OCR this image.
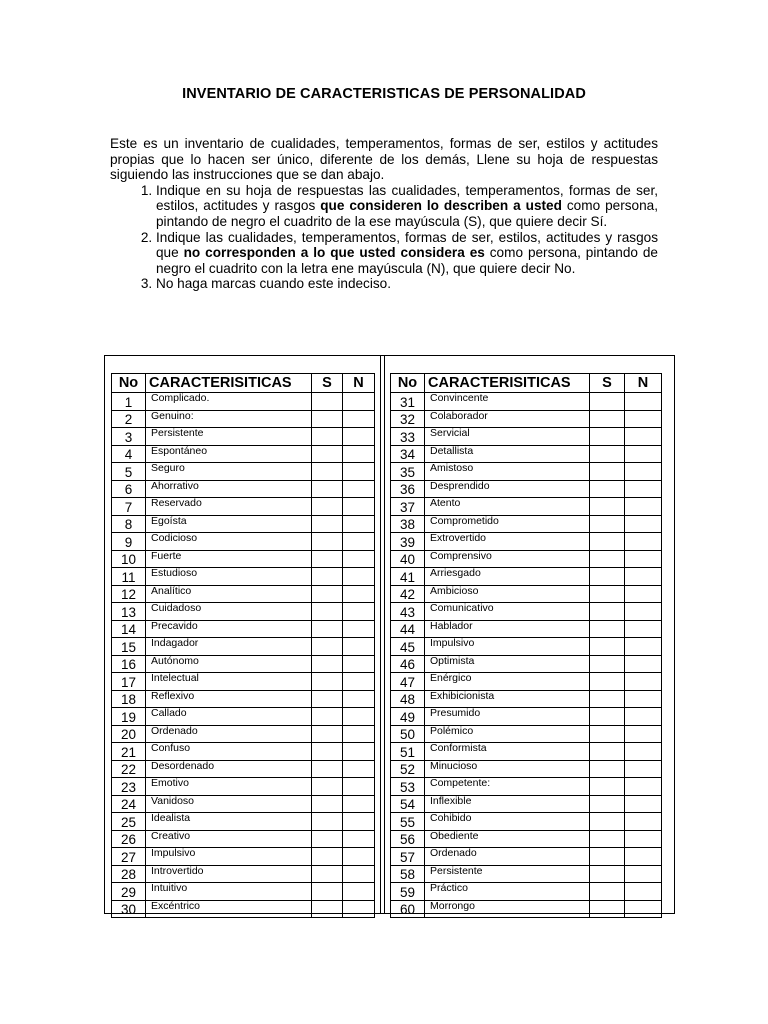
INVENTARIO DE CARACTERISTICAS DE PERSONALIDAD

Este es un inventario de cualidades, temperamentos, formas de ser, estilos y actitudes propias que lo hacen ser único, diferente de los demás, Llene su hoja de respuestas siguiendo las instrucciones que se dan abajo.

1. Indique en su hoja de respuestas las cualidades, temperamentos, formas de ser, estilos, actitudes y rasgos que consideren lo describen a usted como persona, pintando de negro el cuadrito de la ese mayúscula (S), que quiere decir Sí.
2. Indique las cualidades, temperamentos, formas de ser, estilos, actitudes y rasgos que no corresponden a lo que usted considera es como persona, pintando de negro el cuadrito con la letra ene mayúscula (N), que quiere decir No.
3. No haga marcas cuando este indeciso.
No	CARACTERISITICAS	S	N
1	Complicado.		
2	Genuino:		
3	Persistente		
4	Espontáneo		
5	Seguro		
6	Ahorrativo		
7	Reservado		
8	Egoísta		
9	Codicioso		
10	Fuerte		
11	Estudioso		
12	Analítico		
13	Cuidadoso		
14	Precavido		
15	Indagador		
16	Autónomo		
17	Intelectual		
18	Reflexivo		
19	Callado		
20	Ordenado		
21	Confuso		
22	Desordenado		
23	Emotivo		
24	Vanidoso		
25	Idealista		
26	Creativo		
27	Impulsivo		
28	Introvertido		
29	Intuitivo		
30	Excéntrico		
No	CARACTERISITICAS	S	N
31	Convincente		
32	Colaborador		
33	Servicial		
34	Detallista		
35	Amistoso		
36	Desprendido		
37	Atento		
38	Comprometido		
39	Extrovertido		
40	Comprensivo		
41	Arriesgado		
42	Ambicioso		
43	Comunicativo		
44	Hablador		
45	Impulsivo		
46	Optimista		
47	Enérgico		
48	Exhibicionista		
49	Presumido		
50	Polémico		
51	Conformista		
52	Minucioso		
53	Competente:		
54	Inflexible		
55	Cohibido		
56	Obediente		
57	Ordenado		
58	Persistente		
59	Práctico		
60	Morrongo		
